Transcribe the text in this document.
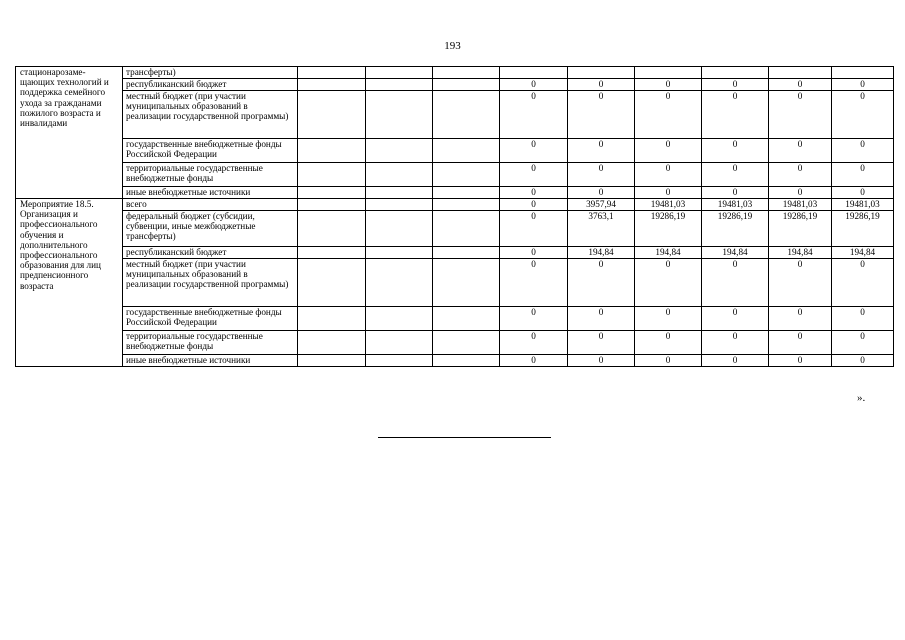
193
стационарозаме-щающих технологий и поддержка семейного ухода за гражданами пожилого возраста и инвалидами	трансферты)									
	республиканский бюджет				0	0	0	0	0	0
	местный бюджет (при участии муниципальных образований в реализации государственной программы)				0	0	0	0	0	0
	государственные внебюджетные фонды Российской Федерации				0	0	0	0	0	0
	территориальные государственные внебюджетные фонды				0	0	0	0	0	0
	иные внебюджетные источники				0	0	0	0	0	0
Мероприятие 18.5. Организация и профессионального обучения и дополнительного профессионального образования для лиц предпенсионного возраста	всего				0	3957,94	19481,03	19481,03	19481,03	19481,03
	федеральный бюджет (субсидии, субвенции, иные межбюджетные трансферты)				0	3763,1	19286,19	19286,19	19286,19	19286,19
	республиканский бюджет				0	194,84	194,84	194,84	194,84	194,84
	местный бюджет (при участии муниципальных образований в реализации государственной программы)				0	0	0	0	0	0
	государственные внебюджетные фонды Российской Федерации				0	0	0	0	0	0
	территориальные государственные внебюджетные фонды				0	0	0	0	0	0
	иные внебюджетные источники				0	0	0	0	0	0
».
